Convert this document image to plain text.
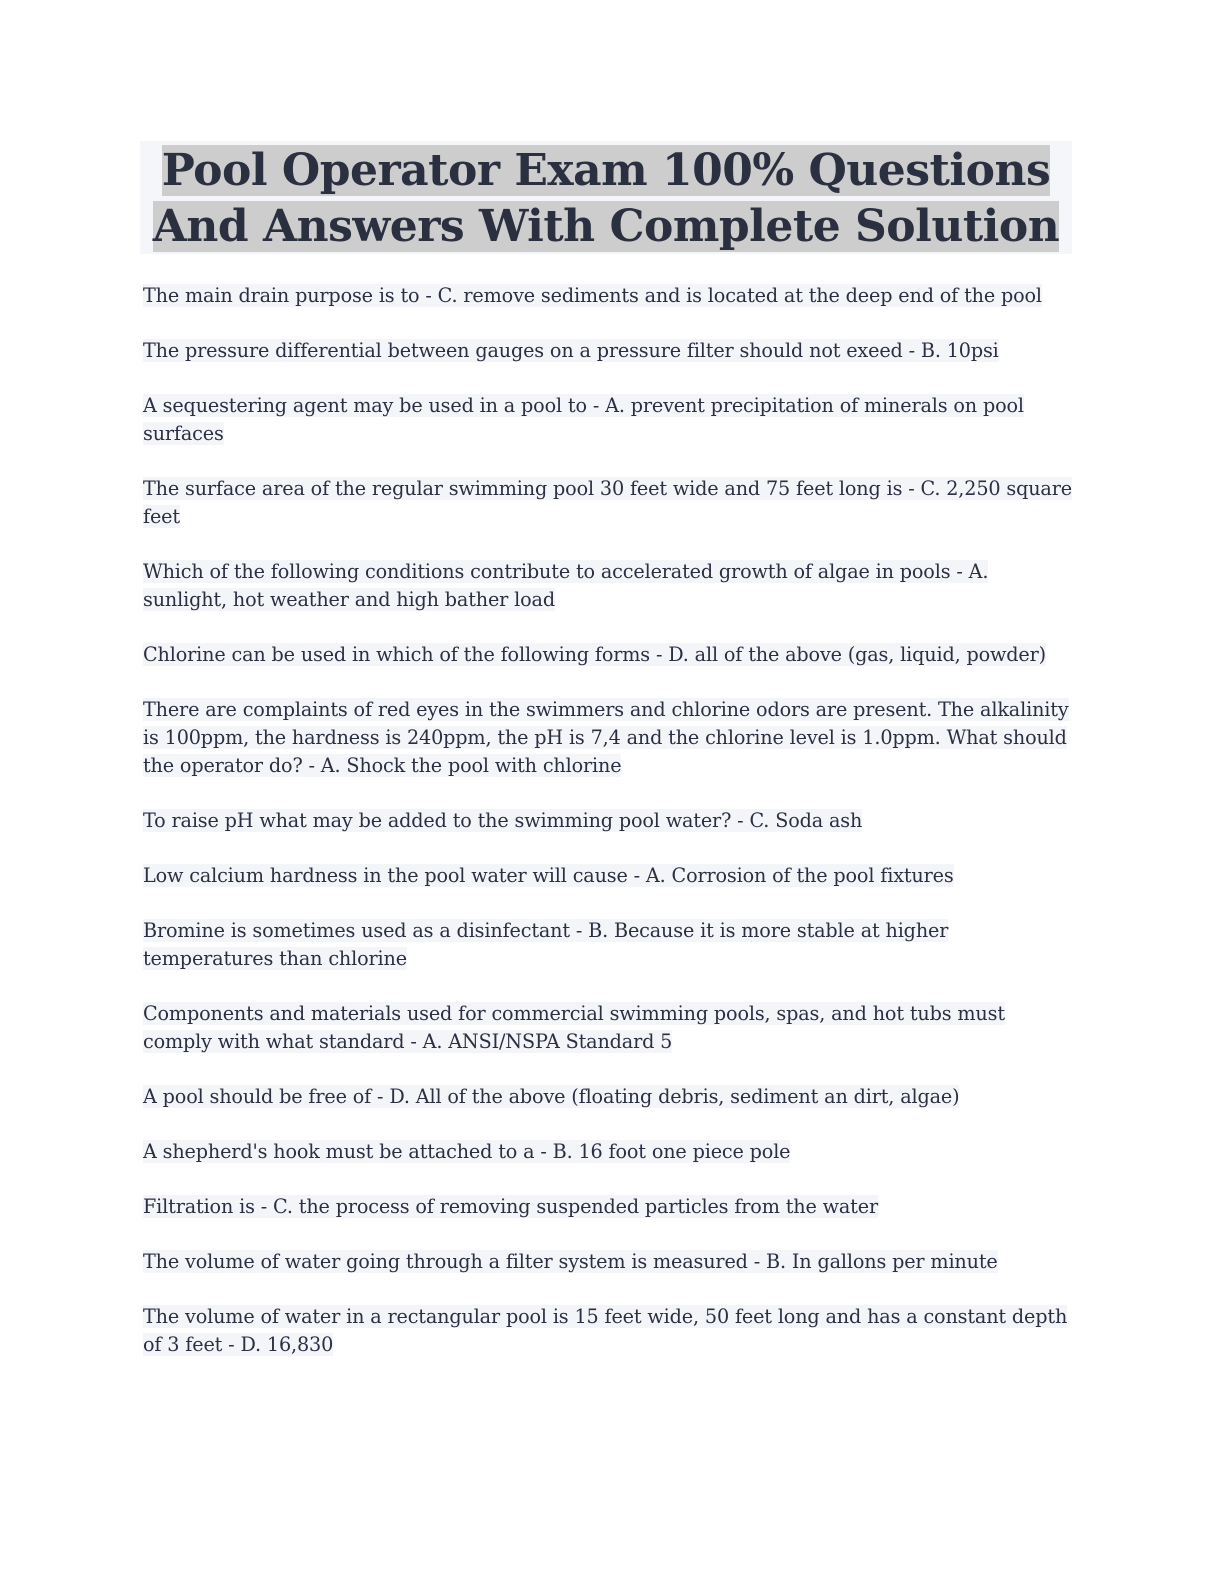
Pool Operator Exam 100% Questions And Answers With Complete Solution

The main drain purpose is to - C. remove sediments and is located at the deep end of the pool
The pressure differential between gauges on a pressure filter should not exeed - B. 10psi
A sequestering agent may be used in a pool to - A. prevent precipitation of minerals on pool surfaces
The surface area of the regular swimming pool 30 feet wide and 75 feet long is - C. 2,250 square feet
Which of the following conditions contribute to accelerated growth of algae in pools - A. sunlight, hot weather and high bather load
Chlorine can be used in which of the following forms - D. all of the above (gas, liquid, powder)
There are complaints of red eyes in the swimmers and chlorine odors are present. The alkalinity is 100ppm, the hardness is 240ppm, the pH is 7,4 and the chlorine level is 1.0ppm. What should the operator do? - A. Shock the pool with chlorine
To raise pH what may be added to the swimming pool water? - C. Soda ash
Low calcium hardness in the pool water will cause - A. Corrosion of the pool fixtures
Bromine is sometimes used as a disinfectant - B. Because it is more stable at higher temperatures than chlorine
Components and materials used for commercial swimming pools, spas, and hot tubs must comply with what standard - A. ANSI/NSPA Standard 5
A pool should be free of - D. All of the above (floating debris, sediment an dirt, algae)
A shepherd's hook must be attached to a - B. 16 foot one piece pole
Filtration is - C. the process of removing suspended particles from the water
The volume of water going through a filter system is measured - B. In gallons per minute
The volume of water in a rectangular pool is 15 feet wide, 50 feet long and has a constant depth of 3 feet - D. 16,830
